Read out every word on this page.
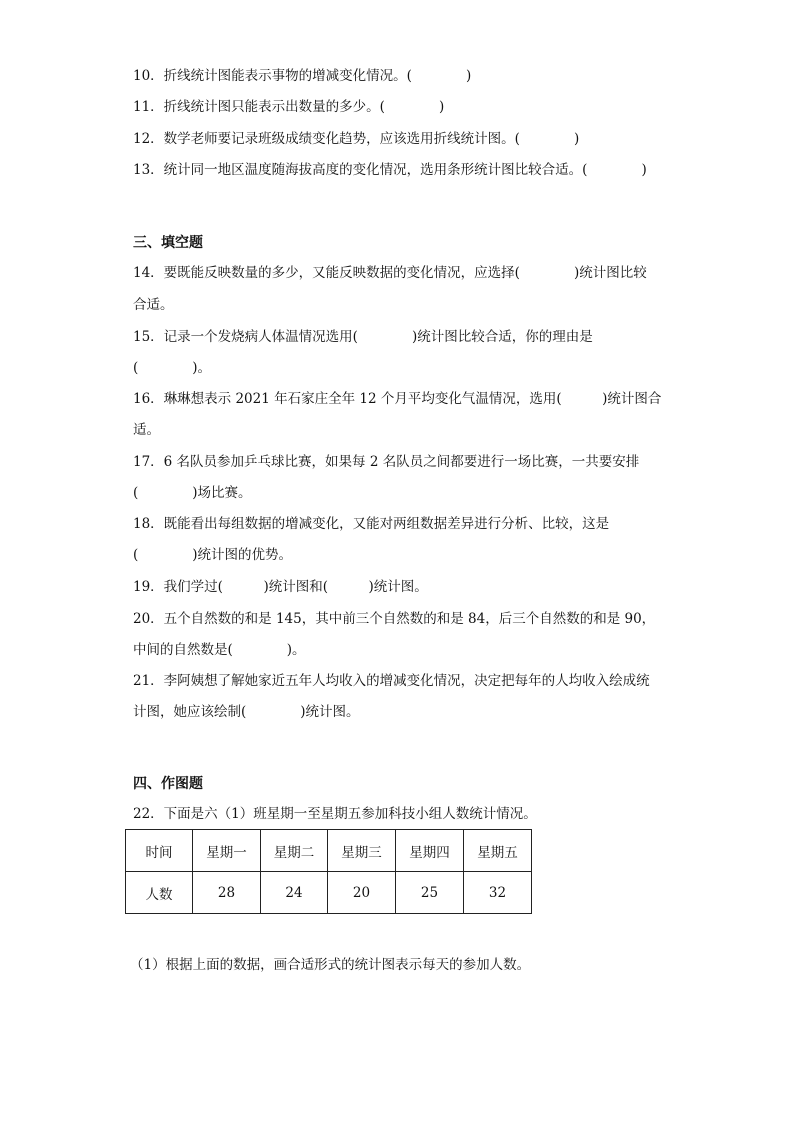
10．折线统计图能表示事物的增减变化情况。(　　　　)
11．折线统计图只能表示出数量的多少。(　　　　)
12．数学老师要记录班级成绩变化趋势，应该选用折线统计图。(　　　　)
13．统计同一地区温度随海拔高度的变化情况，选用条形统计图比较合适。(　　　　)
三、填空题
14．要既能反映数量的多少，又能反映数据的变化情况，应选择(　　　　)统计图比较
合适。
15．记录一个发烧病人体温情况选用(　　　　)统计图比较合适，你的理由是
(　　　　)。
16．琳琳想表示 2021 年石家庄全年 12 个月平均变化气温情况，选用(　　　)统计图合
适。
17．6 名队员参加乒乓球比赛，如果每 2 名队员之间都要进行一场比赛，一共要安排
(　　　　)场比赛。
18．既能看出每组数据的增减变化，又能对两组数据差异进行分析、比较，这是
(　　　　)统计图的优势。
19．我们学过(　　　)统计图和(　　　)统计图。
20．五个自然数的和是 145，其中前三个自然数的和是 84，后三个自然数的和是 90，
中间的自然数是(　　　　)。
21．李阿姨想了解她家近五年人均收入的增减变化情况，决定把每年的人均收入绘成统
计图，她应该绘制(　　　　)统计图。
四、作图题
22．下面是六（1）班星期一至星期五参加科技小组人数统计情况。
时间	星期一	星期二	星期三	星期四	星期五
人数	28	24	20	25	32
（1）根据上面的数据，画合适形式的统计图表示每天的参加人数。
